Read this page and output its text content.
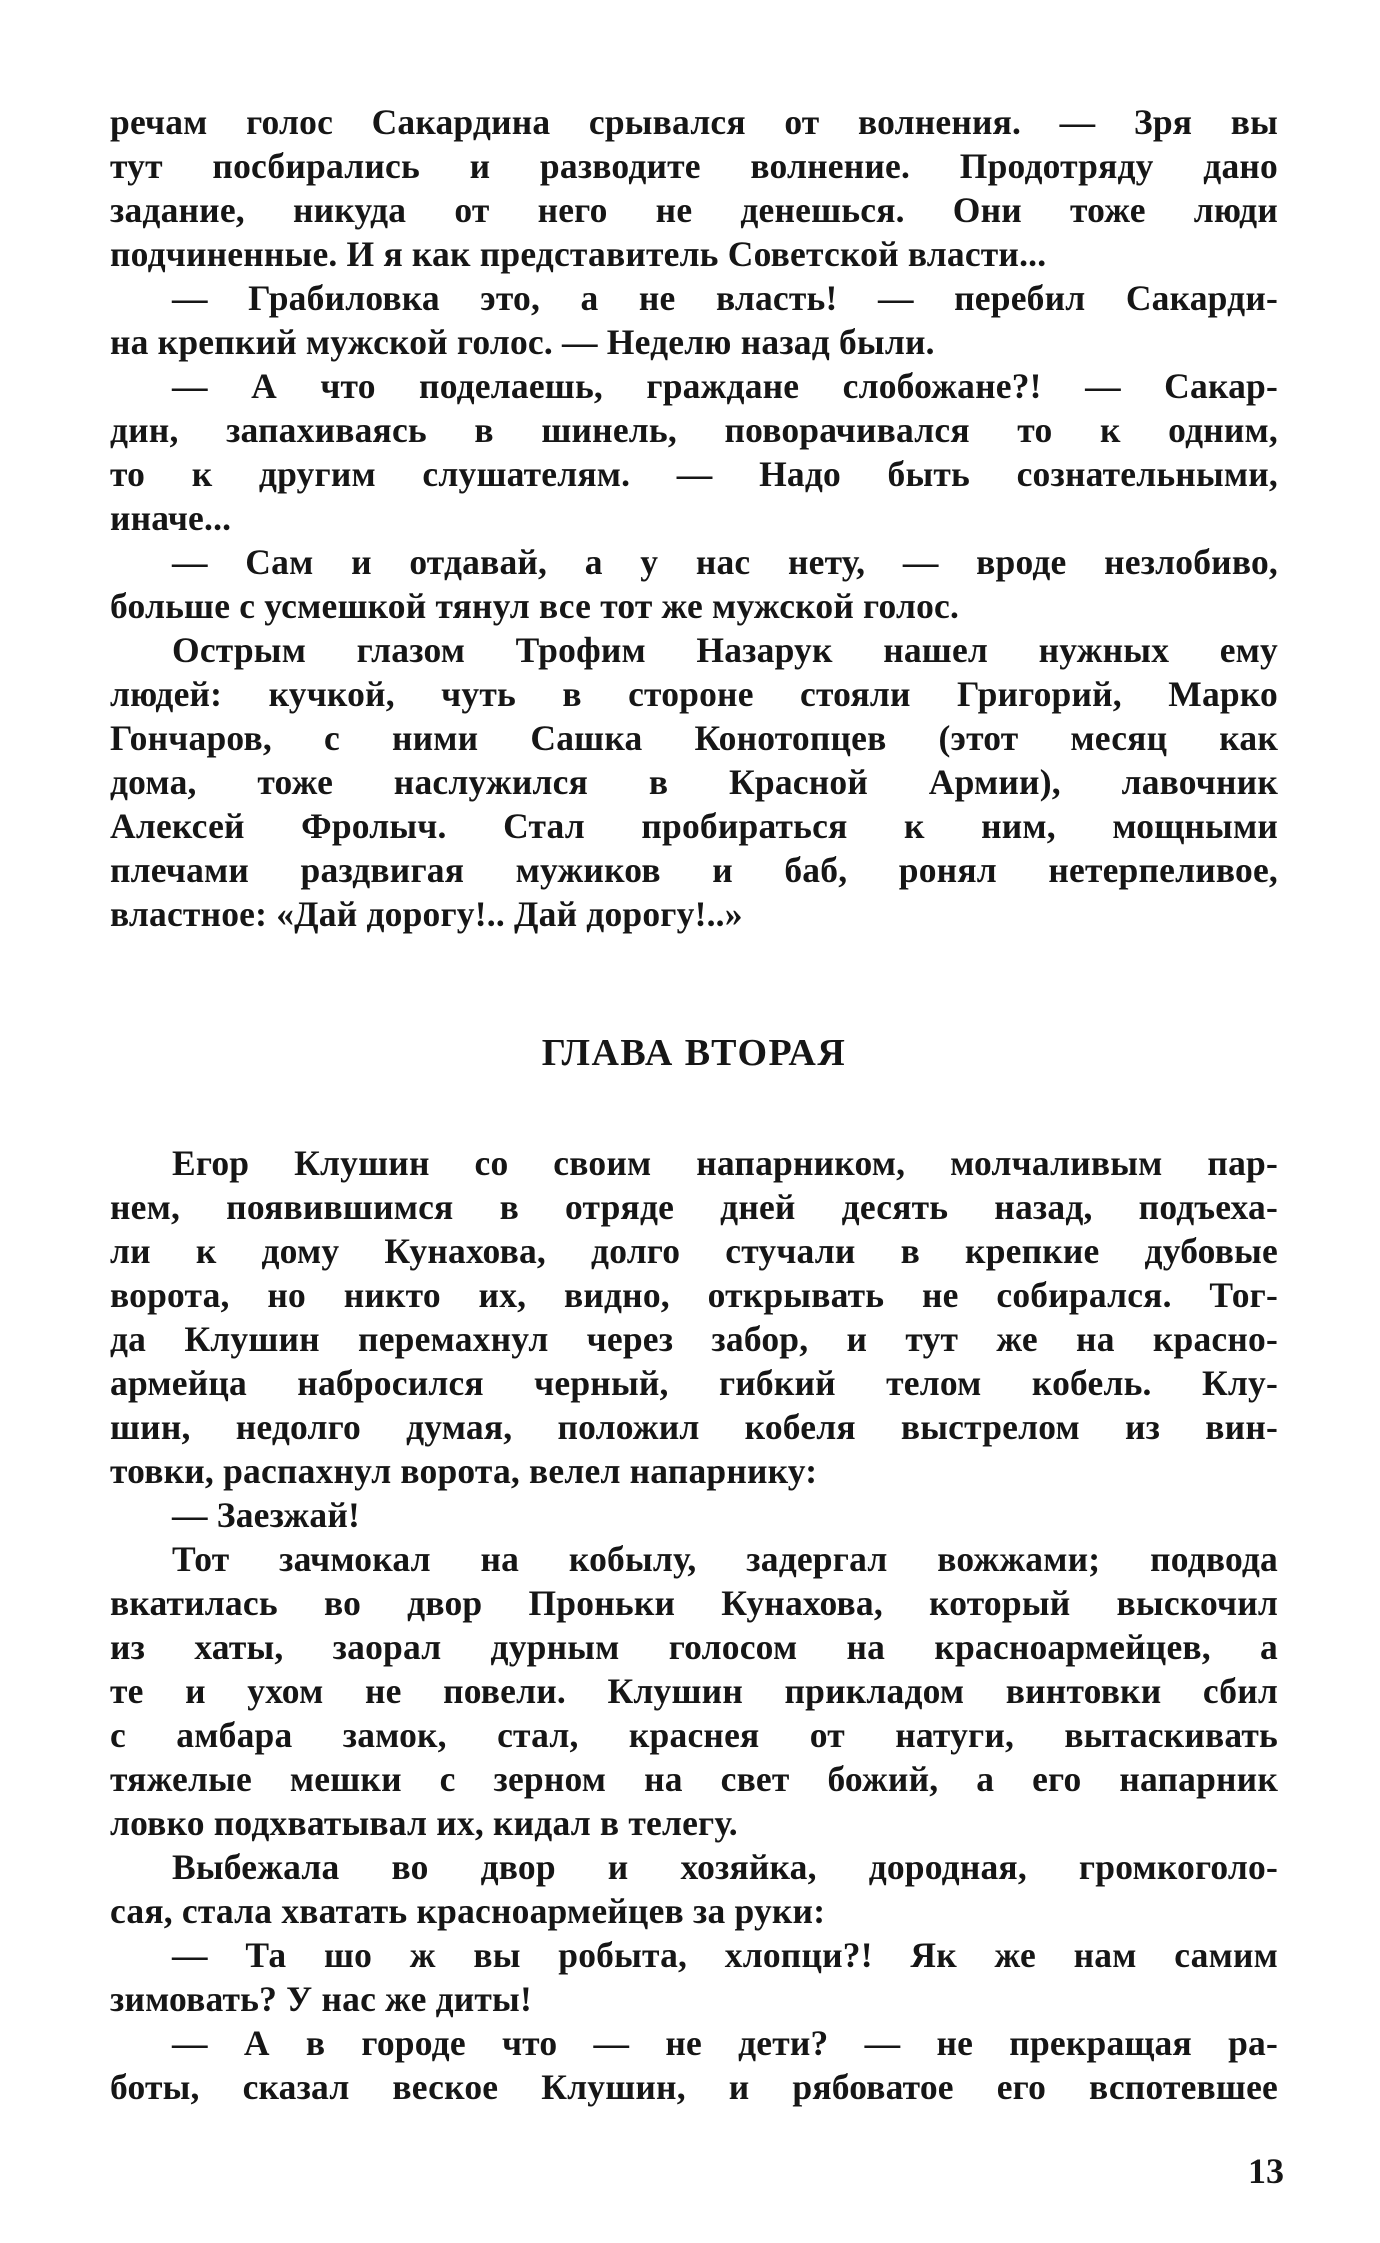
речам голос Сакардина срывался от волнения. — Зря вы
тут посбирались и разводите волнение. Продотряду дано
задание, никуда от него не денешься. Они тоже люди
подчиненные. И я как представитель Советской власти...
— Грабиловка это, а не власть! — перебил Сакарди-
на крепкий мужской голос. — Неделю назад были.
— А что поделаешь, граждане слобожане?! — Сакар-
дин, запахиваясь в шинель, поворачивался то к одним,
то к другим слушателям. — Надо быть сознательными,
иначе...
— Сам и отдавай, а у нас нету, — вроде незлобиво,
больше с усмешкой тянул все тот же мужской голос.
Острым глазом Трофим Назарук нашел нужных ему
людей: кучкой, чуть в стороне стояли Григорий, Марко
Гончаров, с ними Сашка Конотопцев (этот месяц как
дома, тоже наслужился в Красной Армии), лавочник
Алексей Фролыч. Стал пробираться к ним, мощными
плечами раздвигая мужиков и баб, ронял нетерпеливое,
властное: «Дай дорогу!.. Дай дорогу!..»
ГЛАВА ВТОРАЯ
Егор Клушин со своим напарником, молчаливым пар-
нем, появившимся в отряде дней десять назад, подъеха-
ли к дому Кунахова, долго стучали в крепкие дубовые
ворота, но никто их, видно, открывать не собирался. Тог-
да Клушин перемахнул через забор, и тут же на красно-
армейца набросился черный, гибкий телом кобель. Клу-
шин, недолго думая, положил кобеля выстрелом из вин-
товки, распахнул ворота, велел напарнику:
— Заезжай!
Тот зачмокал на кобылу, задергал вожжами; подвода
вкатилась во двор Проньки Кунахова, который выскочил
из хаты, заорал дурным голосом на красноармейцев, а
те и ухом не повели. Клушин прикладом винтовки сбил
с амбара замок, стал, краснея от натуги, вытаскивать
тяжелые мешки с зерном на свет божий, а его напарник
ловко подхватывал их, кидал в телегу.
Выбежала во двор и хозяйка, дородная, громкоголо-
сая, стала хватать красноармейцев за руки:
— Та шо ж вы робыта, хлопци?! Як же нам самим
зимовать? У нас же диты!
— А в городе что — не дети? — не прекращая ра-
боты, сказал веское Клушин, и рябоватое его вспотевшее
13
